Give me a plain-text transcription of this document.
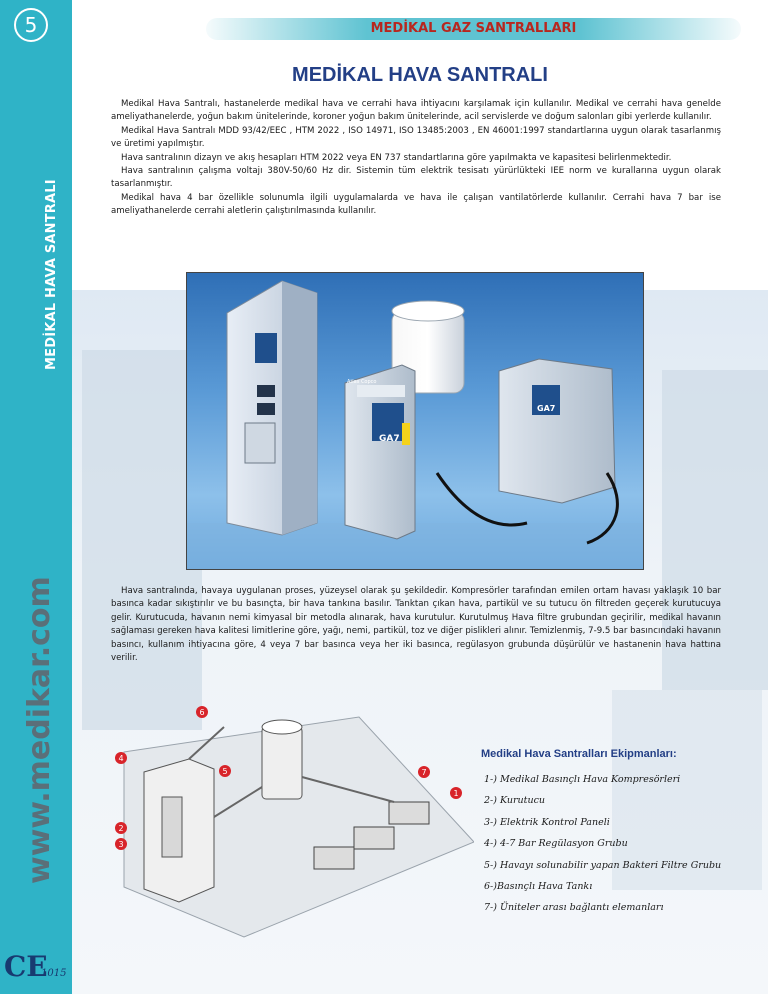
5
MEDİKAL HAVA SANTRALI
www.medikar.com
CE
1015
MEDİKAL GAZ SANTRALLARI
MEDİKAL HAVA SANTRALI

Medikal Hava Santralı, hastanelerde medikal hava ve cerrahi hava ihtiyacını karşılamak için kullanılır. Medikal ve cerrahi hava genelde ameliyathanelerde, yoğun bakım ünitelerinde, koroner yoğun bakım ünitelerinde, acil servislerde ve doğum salonları gibi yerlerde kullanılır.

Medikal Hava Santralı MDD 93/42/EEC , HTM 2022 , ISO 14971, ISO 13485:2003 , EN 46001:1997 standartlarına uygun olarak tasarlanmış ve üretimi yapılmıştır.

Hava santralının dizayn ve akış hesapları HTM 2022 veya EN 737 standartlarına göre yapılmakta ve kapasitesi belirlenmektedir.

Hava santralının çalışma voltajı 380V-50/60 Hz dir. Sistemin tüm elektrik tesisatı yürürlükteki IEE norm ve kurallarına uygun olarak tasarlanmıştır.

Medikal hava 4 bar özellikle solunumla ilgili uygulamalarda ve hava ile çalışan vantilatörlerde kullanılır. Cerrahi hava 7 bar ise ameliyathanelerde cerrahi aletlerin çalıştırılmasında kullanılır.

GA7
GA7
Atlas Copco

Hava santralında, havaya uygulanan proses, yüzeysel olarak şu şekildedir. Kompresörler tarafından emilen ortam havası yaklaşık 10 bar basınca kadar sıkıştırılır ve bu basınçta, bir hava tankına basılır. Tanktan çıkan hava, partikül ve su tutucu ön filtreden geçerek kurutucuya gelir. Kurutucuda, havanın nemi kimyasal bir metodla alınarak, hava kurutulur. Kurutulmuş Hava filtre grubundan geçirilir, medikal havanın sağlaması gereken hava kalitesi limitlerine göre, yağı, nemi, partikül, toz ve diğer pislikleri alınır. Temizlenmiş, 7-9.5 bar basıncındaki havanın basıncı, kullanım ihtiyacına göre, 4 veya 7 bar basınca veya her iki basınca, regülasyon grubunda düşürülür ve hastanenin hava hattına verilir.

1
2
3
4
5
6
7
Medikal Hava Santralları Ekipmanları:
1-) Medikal Basınçlı Hava Kompresörleri
2-) Kurutucu
3-) Elektrik Kontrol Paneli
4-) 4-7 Bar Regülasyon Grubu
5-) Havayı solunabilir yapan Bakteri Filtre Grubu
6-)Basınçlı Hava Tankı
7-) Üniteler arası bağlantı elemanları
